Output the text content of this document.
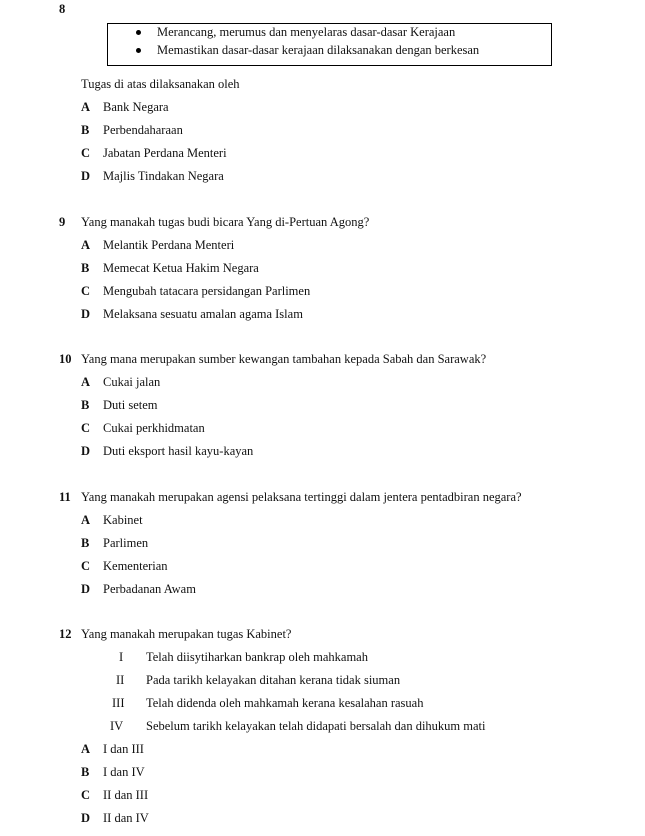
8
Merancang, merumus dan menyelaras dasar-dasar Kerajaan
Memastikan dasar-dasar kerajaan dilaksanakan dengan berkesan
Tugas di atas dilaksanakan oleh
A Bank Negara
B Perbendaharaan
C Jabatan Perdana Menteri
D Majlis Tindakan Negara
9 Yang manakah tugas budi bicara Yang di-Pertuan Agong?
A Melantik Perdana Menteri
B Memecat Ketua Hakim Negara
C Mengubah tatacara persidangan Parlimen
D Melaksana sesuatu amalan agama Islam
10 Yang mana merupakan sumber kewangan tambahan kepada Sabah dan Sarawak?
A Cukai jalan
B Duti setem
C Cukai perkhidmatan
D Duti eksport hasil kayu-kayan
11 Yang manakah merupakan agensi pelaksana tertinggi dalam jentera pentadbiran negara?
A Kabinet
B Parlimen
C Kementerian
D Perbadanan Awam
12 Yang manakah merupakan tugas Kabinet?
I Telah diisytiharkan bankrap oleh mahkamah
II Pada tarikh kelayakan ditahan kerana tidak siuman
III Telah didenda oleh mahkamah kerana kesalahan rasuah
IV Sebelum tarikh kelayakan telah didapati bersalah dan dihukum mati
A I dan III
B I dan IV
C II dan III
D II dan IV
